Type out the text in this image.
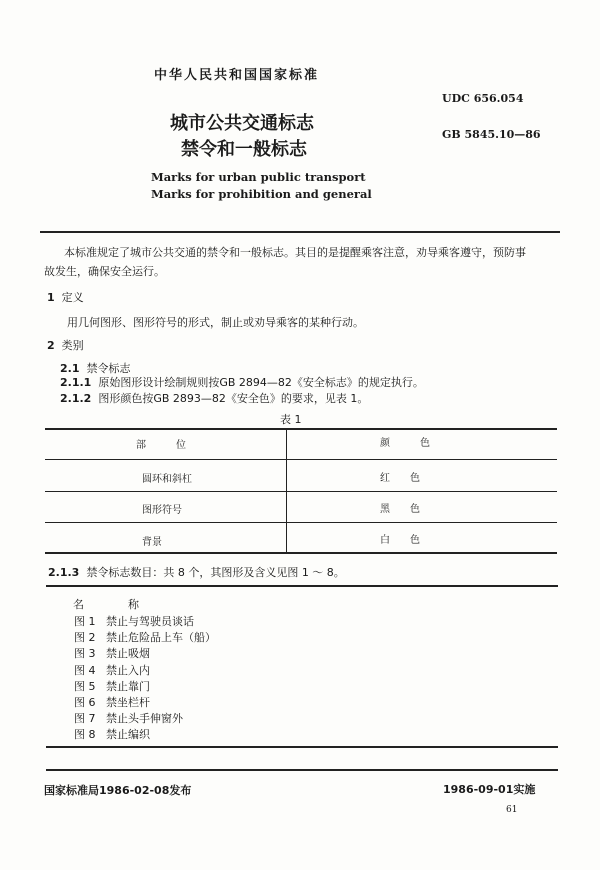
中华人民共和国国家标准
UDC 656.054
GB 5845.10—86
城市公共交通标志
禁令和一般标志
Marks for urban public transport
Marks for prohibition and general
本标准规定了城市公共交通的禁令和一般标志。其目的是提醒乘客注意，劝导乘客遵守，预防事
故发生，确保安全运行。
1 定义
用几何图形、图形符号的形式，制止或劝导乘客的某种行动。
2 类别
2.1 禁令标志
2.1.1 原始图形设计绘制规则按GB 2894—82《安全标志》的规定执行。
2.1.2 图形颜色按GB 2893—82《安全色》的要求，见表 1。
表 1
部　　　位	颜　　　色
圆环和斜杠	红　　色
图形符号	黑　　色
背景	白　　色
2.1.3 禁令标志数目：共 8 个，其图形及含义见图 1 ～ 8。
名　　　　称
图 1 禁止与驾驶员谈话
图 2 禁止危险品上车（船）
图 3 禁止吸烟
图 4 禁止入内
图 5 禁止靠门
图 6 禁坐栏杆
图 7 禁止头手伸窗外
图 8 禁止编织
国家标准局1986-02-08发布	1986-09-01实施
61
